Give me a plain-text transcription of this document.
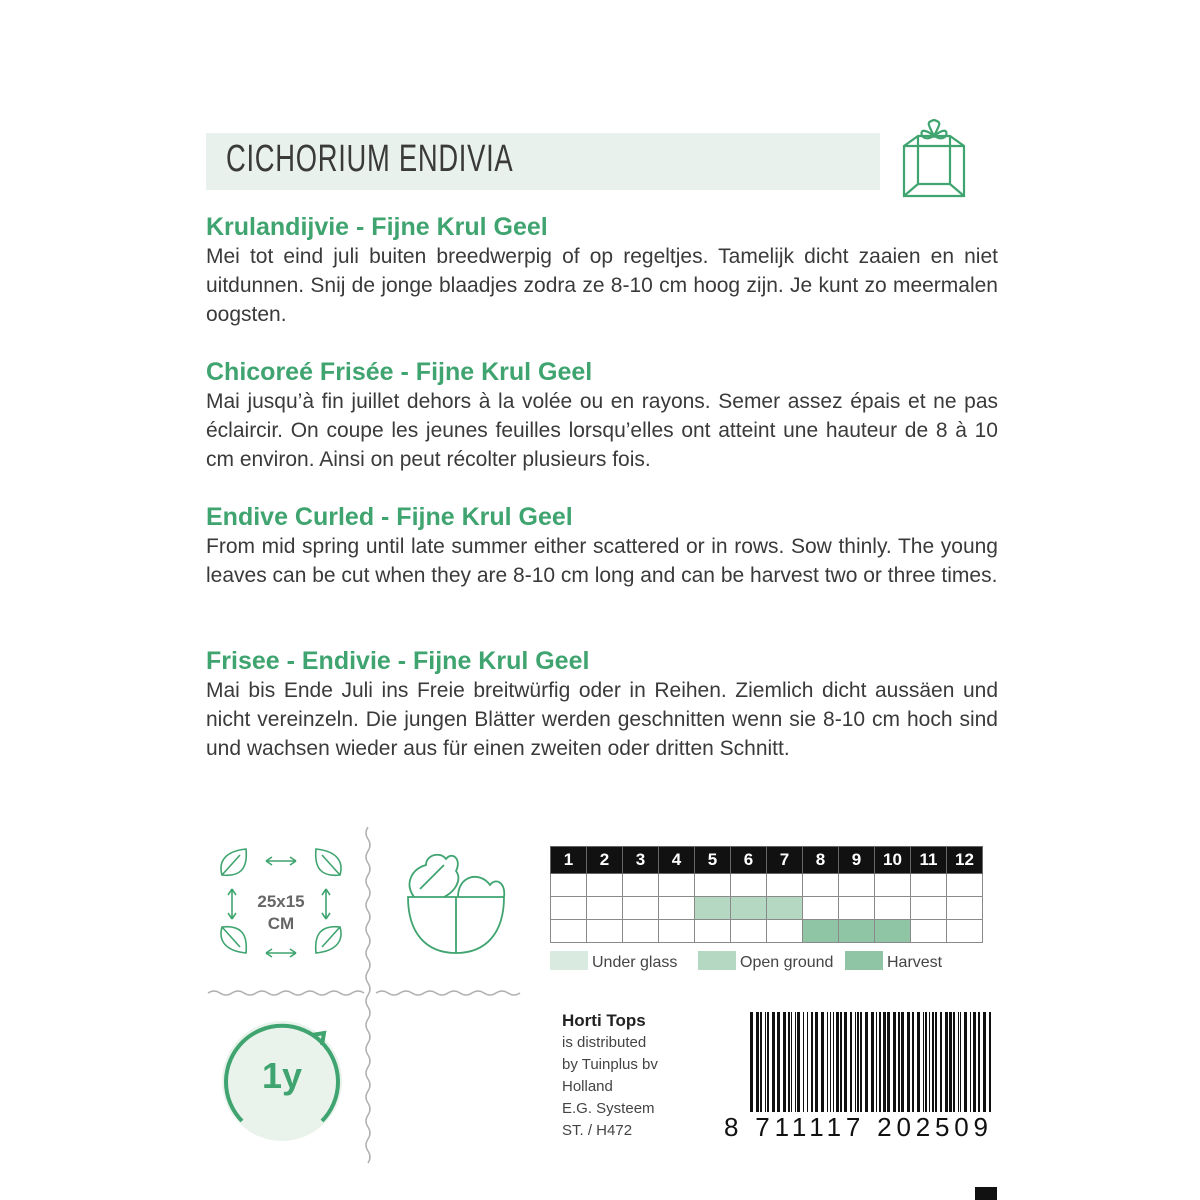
CICHORIUM ENDIVIA
Krulandijvie - Fijne Krul Geel
Mei tot eind juli buiten breedwerpig of op regeltjes. Tamelijk dicht zaaien en niet uitdunnen. Snij de jonge blaadjes zodra ze 8-10 cm hoog zijn. Je kunt zo meermalen oogsten.
Chicoreé Frisée - Fijne Krul Geel
Mai jusqu’à fin juillet dehors à la volée ou en rayons. Semer assez épais et ne pas éclaircir. On coupe les jeunes feuilles lorsqu’elles ont atteint une hauteur de 8 à 10 cm environ. Ainsi on peut récolter plusieurs fois.
Endive Curled - Fijne Krul Geel
From mid spring until late summer either scattered or in rows. Sow thinly. The young leaves can be cut when they are 8-10 cm long and can be harvest two or three times.
Frisee - Endivie - Fijne Krul Geel
Mai bis Ende Juli ins Freie breitwürfig oder in Reihen. Ziemlich dicht aussäen und nicht vereinzeln. Die jungen Blätter werden geschnitten wenn sie 8-10 cm hoch sind und wachsen wieder aus für einen zweiten oder dritten Schnitt.
25x15
CM
1y
1	2	3	4	5	6	7	8	9	10	11	12

Under glass	Open ground	Harvest
Horti Tops
is distributed
by Tuinplus bv
Holland
E.G. Systeem
ST. / H472	8 711117 202509
